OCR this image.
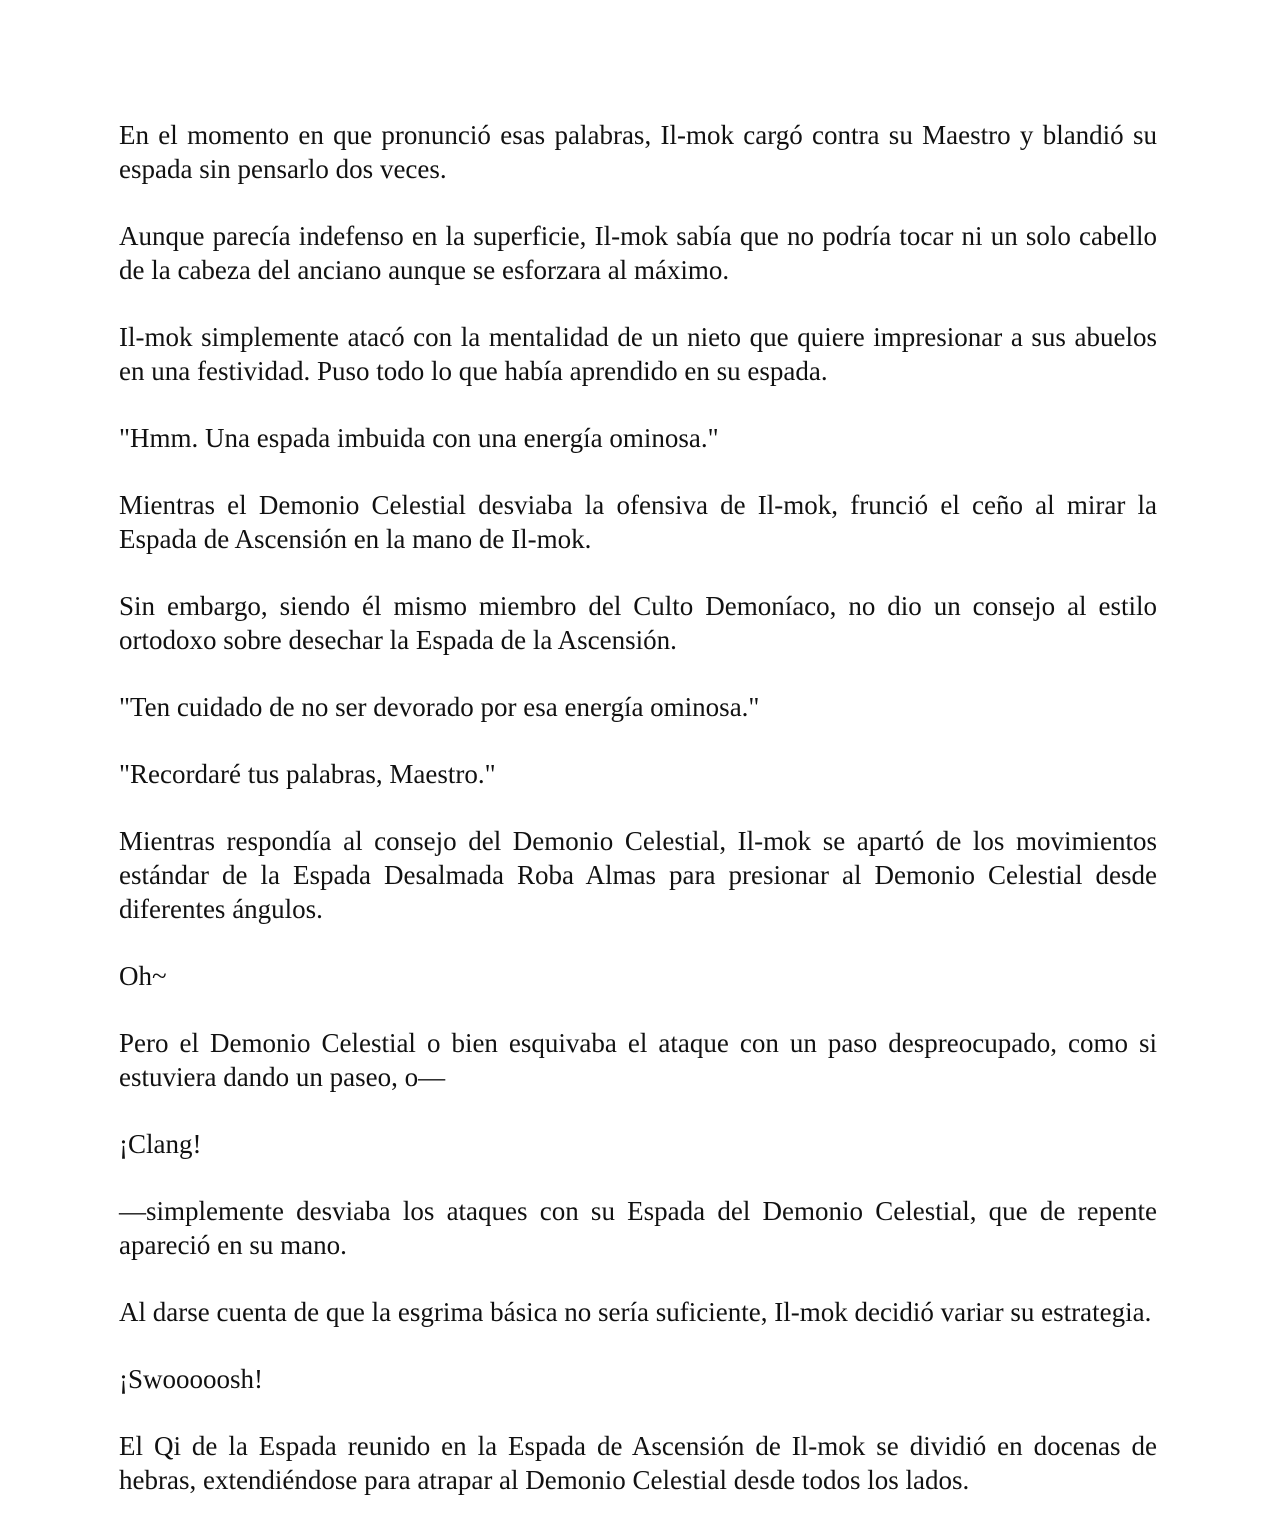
En el momento en que pronunció esas palabras, Il-mok cargó contra su Maestro y blandió su espada sin pensarlo dos veces.

Aunque parecía indefenso en la superficie, Il-mok sabía que no podría tocar ni un solo cabello de la cabeza del anciano aunque se esforzara al máximo.

Il-mok simplemente atacó con la mentalidad de un nieto que quiere impresionar a sus abuelos en una festividad. Puso todo lo que había aprendido en su espada.

"Hmm. Una espada imbuida con una energía ominosa."

Mientras el Demonio Celestial desviaba la ofensiva de Il-mok, frunció el ceño al mirar la Espada de Ascensión en la mano de Il-mok.

Sin embargo, siendo él mismo miembro del Culto Demoníaco, no dio un consejo al estilo ortodoxo sobre desechar la Espada de la Ascensión.

"Ten cuidado de no ser devorado por esa energía ominosa."

"Recordaré tus palabras, Maestro."

Mientras respondía al consejo del Demonio Celestial, Il-mok se apartó de los movimientos estándar de la Espada Desalmada Roba Almas para presionar al Demonio Celestial desde diferentes ángulos.

Oh~

Pero el Demonio Celestial o bien esquivaba el ataque con un paso despreocupado, como si estuviera dando un paseo, o—

¡Clang!

—simplemente desviaba los ataques con su Espada del Demonio Celestial, que de repente apareció en su mano.

Al darse cuenta de que la esgrima básica no sería suficiente, Il-mok decidió variar su estrategia.

¡Swooooosh!

El Qi de la Espada reunido en la Espada de Ascensión de Il-mok se dividió en docenas de hebras, extendiéndose para atrapar al Demonio Celestial desde todos los lados.
